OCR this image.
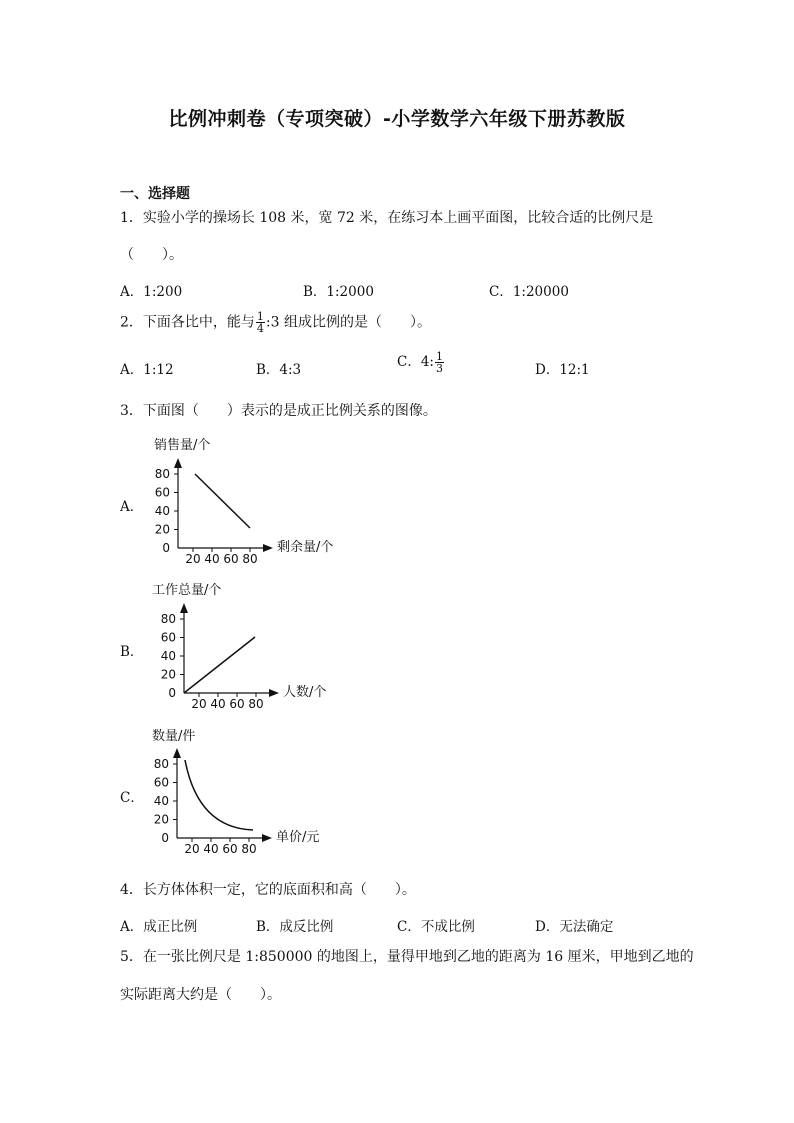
比例冲刺卷（专项突破）-小学数学六年级下册苏教版
一、选择题
1．实验小学的操场长 108 米，宽 72 米，在练习本上画平面图，比较合适的比例尺是
（　　）。
A．1:200	B．1:2000	C．1:20000
2．下面各比中，能与 $\frac{1}{4}$ :3 组成比例的是（　　）。
A．1:12	B．4:3	C．4: $\frac{1}{3}$	D．12:1
3．下面图（　　）表示的是成正比例关系的图像。
A．
销售量/个
80
60
40
20
0
20 40 60 80
剩余量/个
B．
工作总量/个
80
60
40
20
0
20 40 60 80
人数/个
C．
数量/件
80
60
40
20
0
20 40 60 80
单价/元
4．长方体体积一定，它的底面积和高（　　）。
A．成正比例	B．成反比例	C．不成比例	D．无法确定
5．在一张比例尺是 1:850000 的地图上，量得甲地到乙地的距离为 16 厘米，甲地到乙地的
实际距离大约是（　　）。
